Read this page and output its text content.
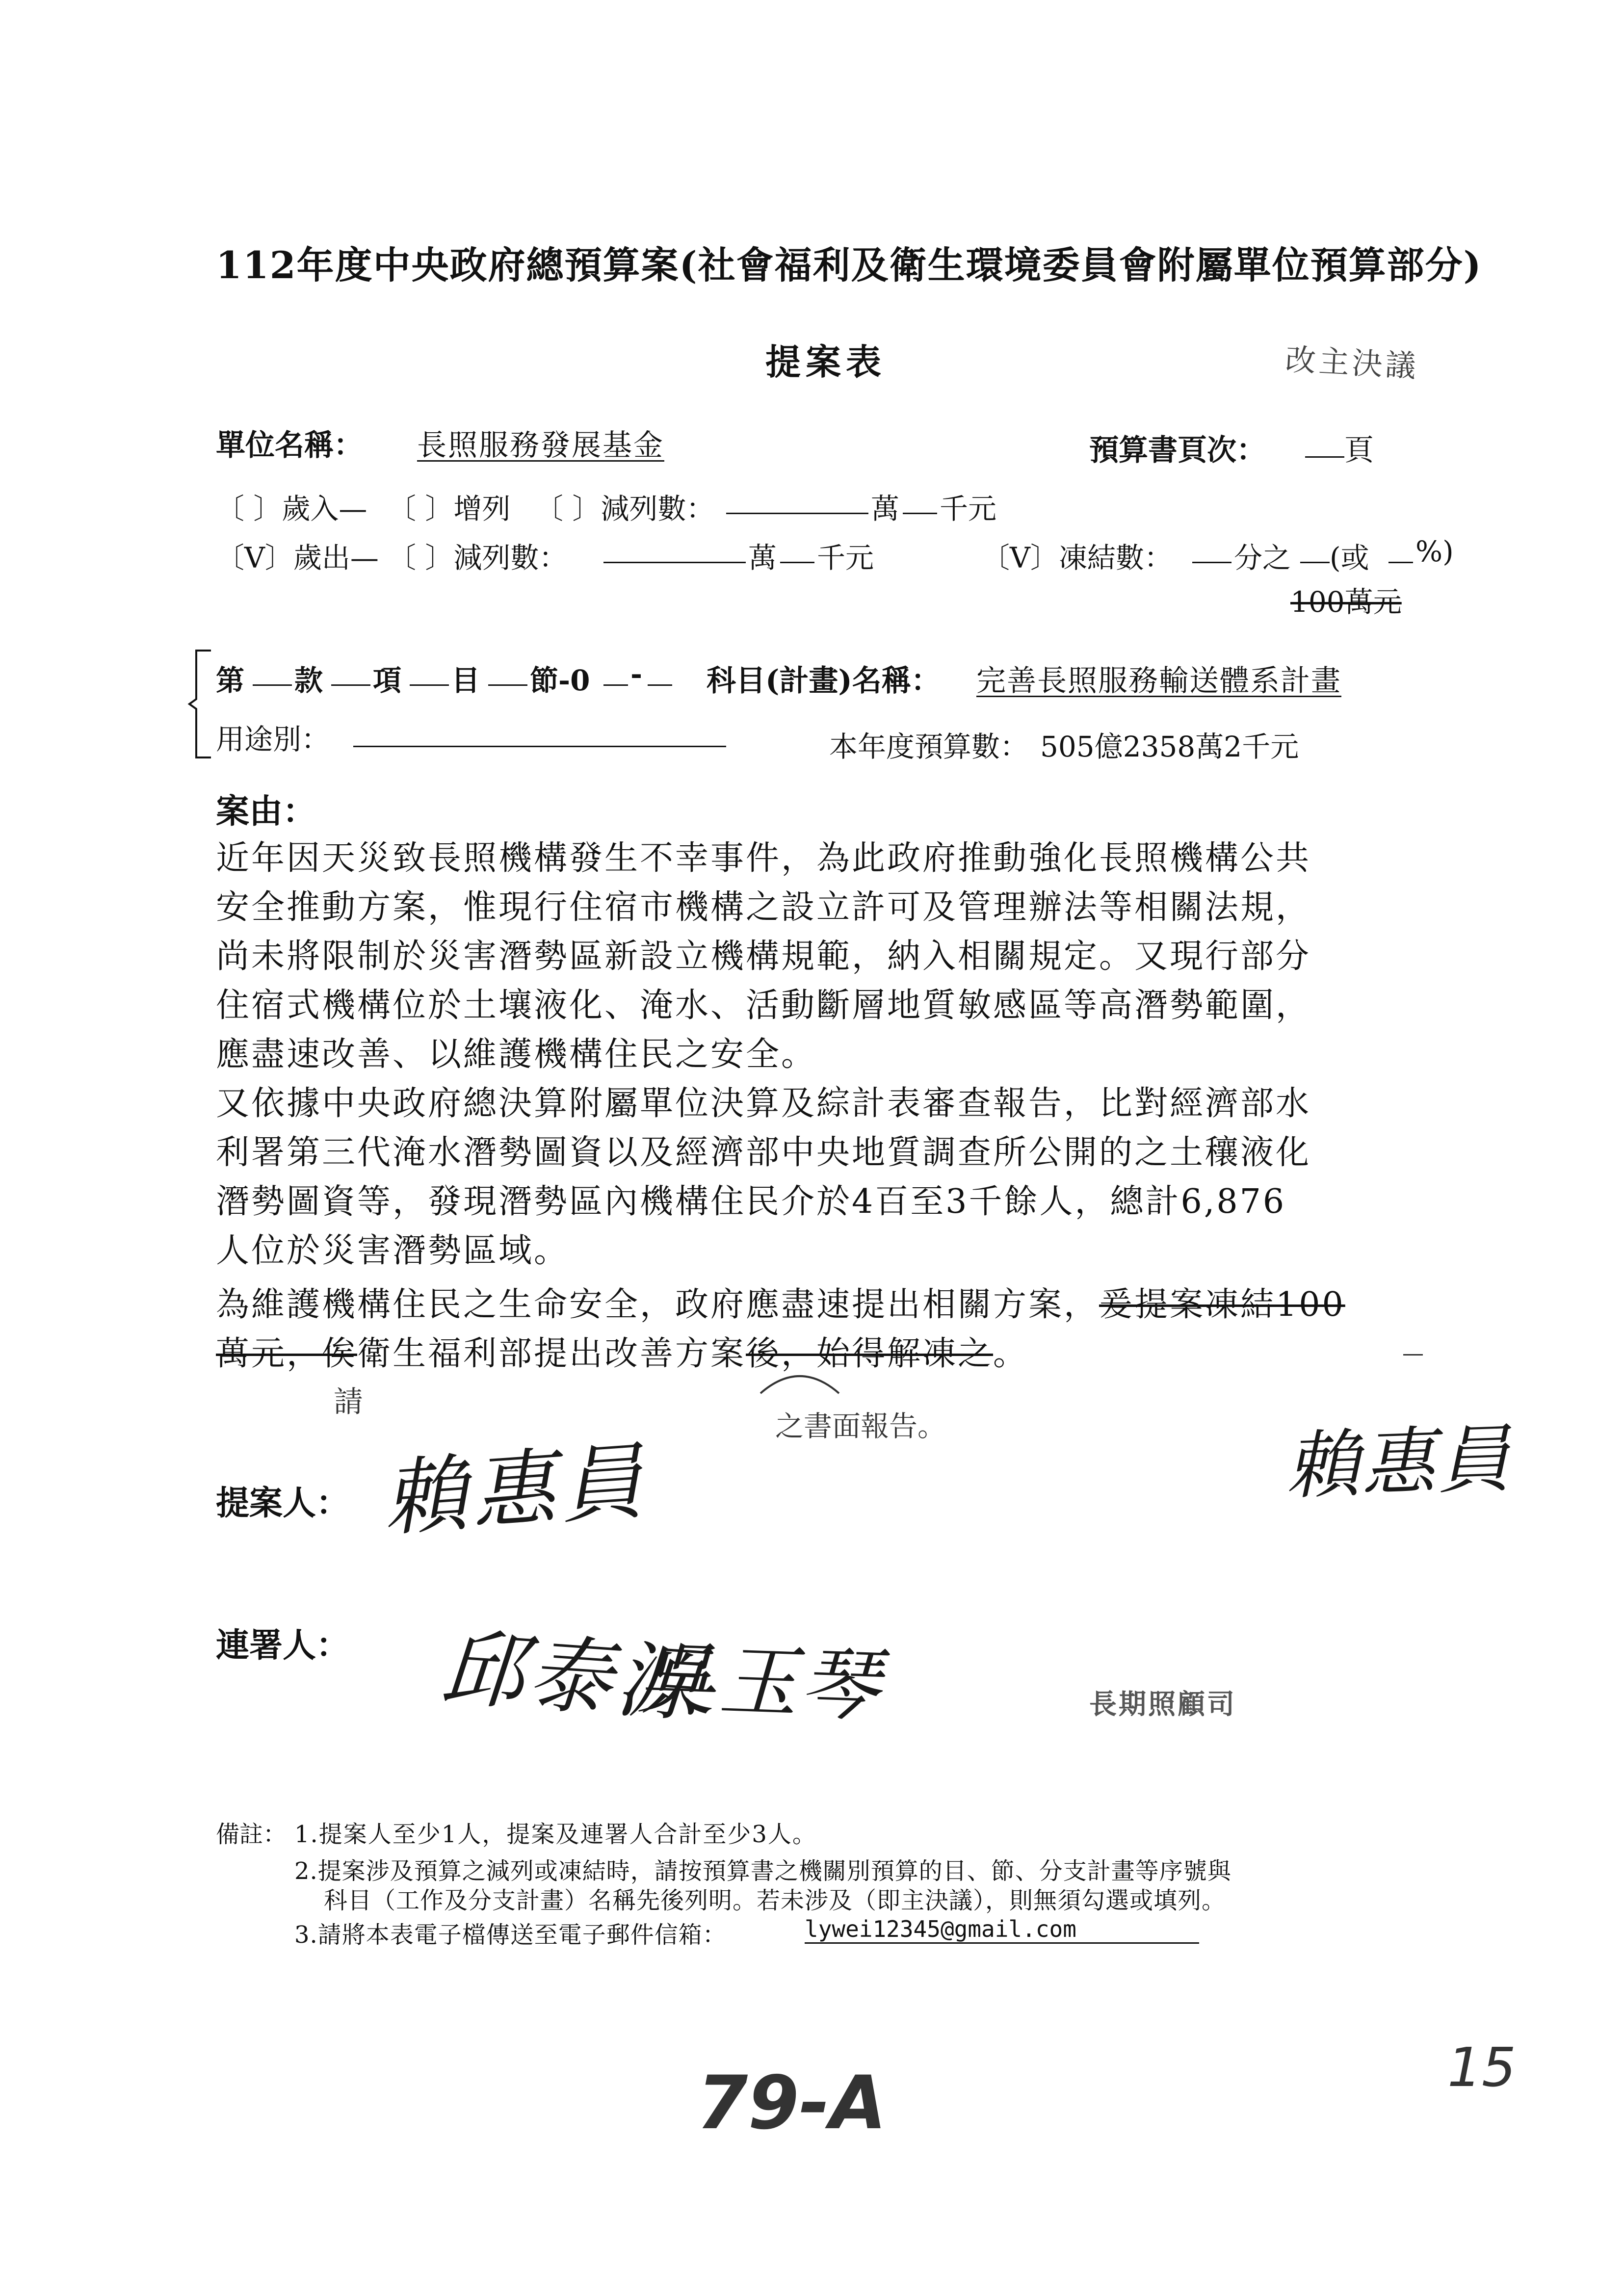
112年度中央政府總預算案(社會福利及衛生環境委員會附屬單位預算部分)
提案表	改主決議
單位名稱： 長照服務發展基金	預算書頁次：	頁
〔 〕歲入— 〔 〕增列 〔 〕減列數：	萬 千元
〔V〕歲出— 〔 〕減列數：	萬 千元	〔V〕凍結數： 分之 (或 %)
100萬元
第 款 項 目 節-0 - 科目(計畫)名稱： 完善長照服務輸送體系計畫
用途別：	本年度預算數： 505億2358萬2千元
案由：
近年因天災致長照機構發生不幸事件，為此政府推動強化長照機構公共
安全推動方案，惟現行住宿市機構之設立許可及管理辦法等相關法規，
尚未將限制於災害潛勢區新設立機構規範，納入相關規定。又現行部分
住宿式機構位於土壤液化、淹水、活動斷層地質敏感區等高潛勢範圍，
應盡速改善、以維護機構住民之安全。
又依據中央政府總決算附屬單位決算及綜計表審查報告，比對經濟部水
利署第三代淹水潛勢圖資以及經濟部中央地質調查所公開的之土穰液化
潛勢圖資等，發現潛勢區內機構住民介於4百至3千餘人，總計6,876
人位於災害潛勢區域。
為維護機構住民之生命安全，政府應盡速提出相關方案，爰提案凍結100
萬元，俟衛生福利部提出改善方案後，始得解凍之。
請
之書面報告。
提案人： 賴惠員	賴惠員
連署人： 邱泰源
吳玉琴	長期照顧司
備註： 1.提案人至少1人，提案及連署人合計至少3人。
2.提案涉及預算之減列或凍結時，請按預算書之機關別預算的目、節、分支計畫等序號與
科目（工作及分支計畫）名稱先後列明。若未涉及（即主決議），則無須勾選或填列。
3.請將本表電子檔傳送至電子郵件信箱：	lywei12345@gmail.com
79-A	15
